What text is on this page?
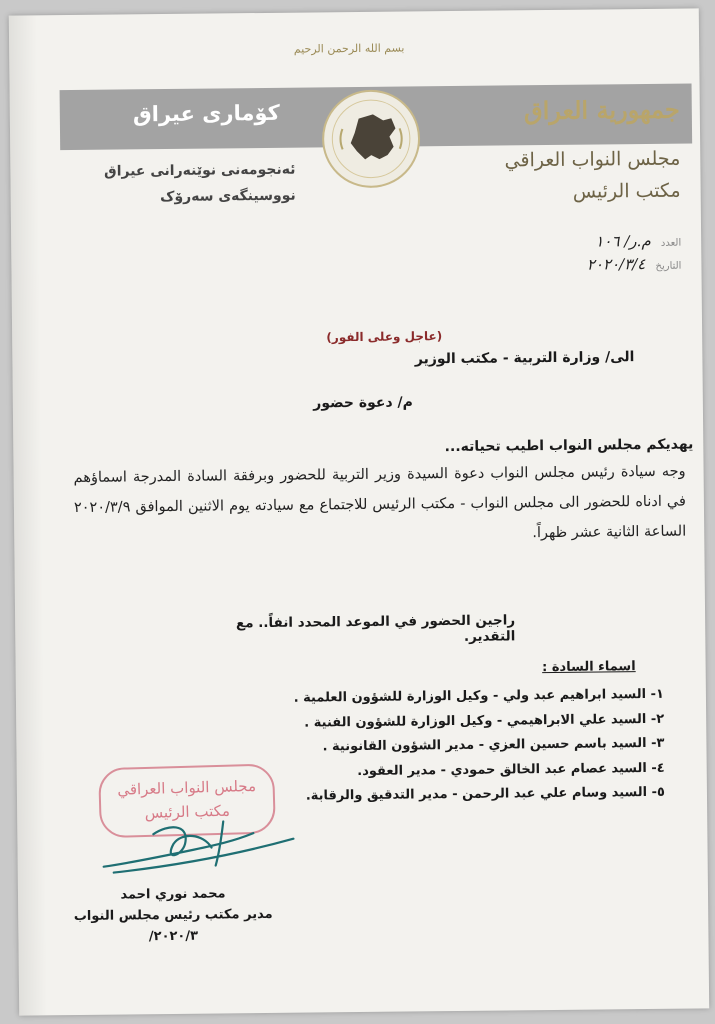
بسم الله الرحمن الرحيم
كۆماری عیراق	جمهورية العراق
ئەنجومەنی نوێنەرانی عیراق
نووسینگەی سەرۆک
مجلس النواب العراقي
مكتب الرئيس
العدد م.ر/ ١٠٦
التاريخ ٢٠٢٠/٣/٤
(عاجل وعلى الفور)
الى/ وزارة التربية - مكتب الوزير
م/ دعوة حضور
يهديكم مجلس النواب اطيب تحياته...
وجه سيادة رئيس مجلس النواب دعوة السيدة وزير التربية للحضور وبرفقة السادة المدرجة اسماؤهم في ادناه للحضور الى مجلس النواب - مكتب الرئيس للاجتماع مع سيادته يوم الاثنين الموافق ٢٠٢٠/٣/٩ الساعة الثانية عشر ظهراً.
راجين الحضور في الموعد المحدد انفاً.. مع التقدير.
اسماء السادة :
١- السيد ابراهيم عبد ولي - وكيل الوزارة للشؤون العلمية .
٢- السيد علي الابراهيمي - وكيل الوزارة للشؤون الفنية .
٣- السيد باسم حسين العزي - مدير الشؤون القانونية .
٤- السيد عصام عبد الخالق حمودي - مدير العقود.
٥- السيد وسام علي عبد الرحمن - مدير التدقيق والرقابة.
مجلس النواب العراقي
مكتب الرئيس
محمد نوري احمد
مدير مكتب رئيس مجلس النواب
٢٠٢٠/٣/
